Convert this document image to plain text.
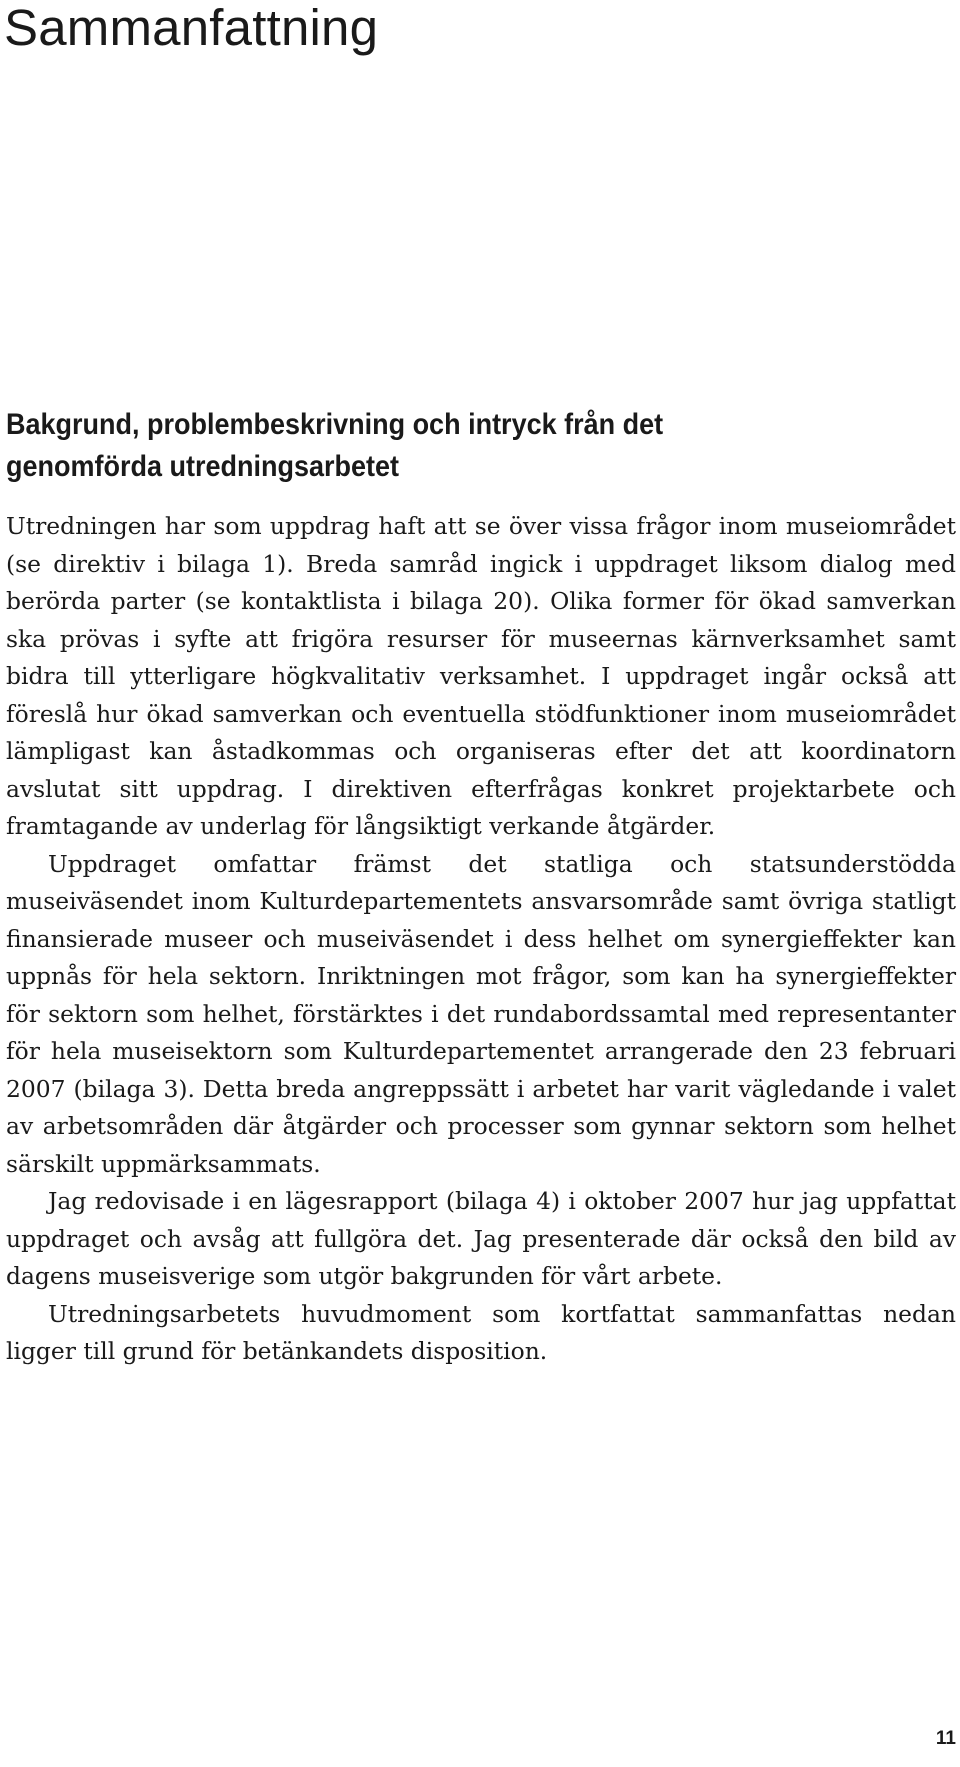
Sammanfattning
Bakgrund, problembeskrivning och intryck från det genomförda utredningsarbetet

Utredningen har som uppdrag haft att se över vissa frågor inom museiområdet (se direktiv i bilaga 1). Breda samråd ingick i uppdraget liksom dialog med berörda parter (se kontaktlista i bilaga 20). Olika former för ökad samverkan ska prövas i syfte att frigöra resurser för museernas kärnverksamhet samt bidra till ytterligare högkvalitativ verksamhet. I uppdraget ingår också att föreslå hur ökad samverkan och eventuella stödfunktioner inom museiområdet lämpligast kan åstadkommas och organiseras efter det att koordinatorn avslutat sitt uppdrag. I direktiven efterfrågas konkret projektarbete och framtagande av underlag för långsiktigt verkande åtgärder.

Uppdraget omfattar främst det statliga och statsunderstödda museiväsendet inom Kulturdepartementets ansvarsområde samt övriga statligt finansierade museer och museiväsendet i dess helhet om synergieffekter kan uppnås för hela sektorn. Inriktningen mot frågor, som kan ha synergieffekter för sektorn som helhet, förstärktes i det rundabordssamtal med representanter för hela museisektorn som Kulturdepartementet arrangerade den 23 februari 2007 (bilaga 3). Detta breda angreppssätt i arbetet har varit vägledande i valet av arbetsområden där åtgärder och processer som gynnar sektorn som helhet särskilt uppmärksammats.

Jag redovisade i en lägesrapport (bilaga 4) i oktober 2007 hur jag uppfattat uppdraget och avsåg att fullgöra det. Jag presenterade där också den bild av dagens museisverige som utgör bakgrunden för vårt arbete.

Utredningsarbetets huvudmoment som kortfattat sammanfattas nedan ligger till grund för betänkandets disposition.

11
